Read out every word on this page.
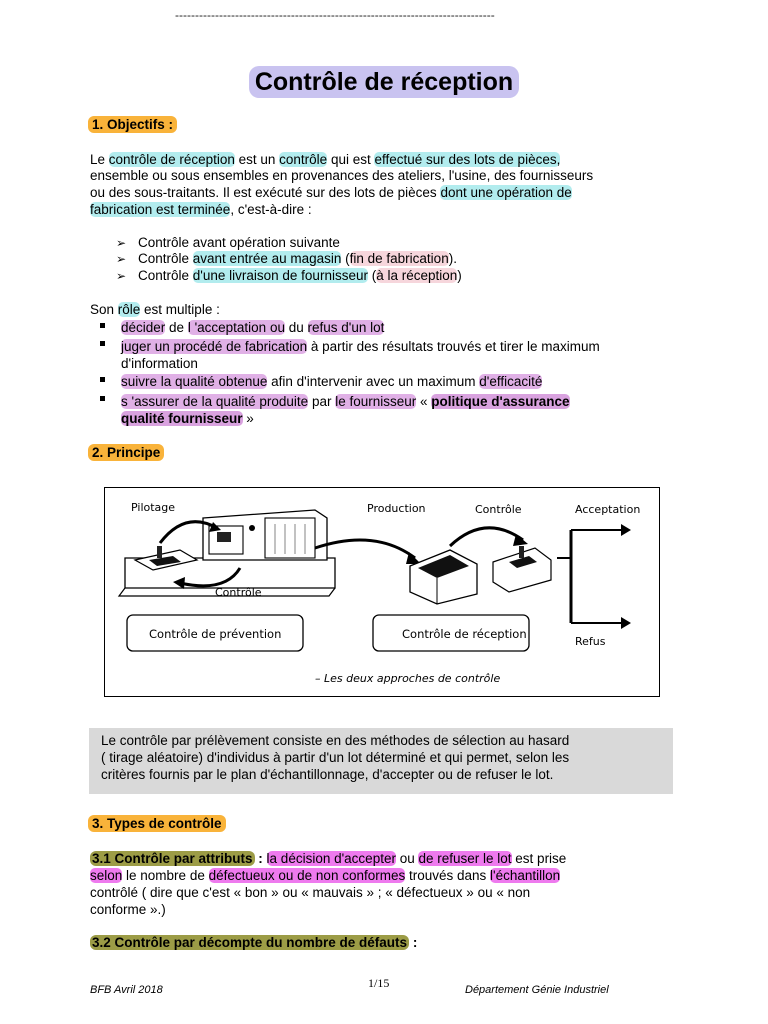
--------------------------------------------------------------------------------
Contrôle de réception
1. Objectifs :
Le contrôle de réception est un contrôle qui est effectué sur des lots de pièces,
ensemble ou sous ensembles en provenances des ateliers, l'usine, des fournisseurs
ou des sous-traitants. Il est exécuté sur des lots de pièces dont une opération de
fabrication est terminée, c'est-à-dire :
➢ Contrôle avant opération suivante
➢ Contrôle avant entrée au magasin (fin de fabrication).
➢ Contrôle d'une livraison de fournisseur (à la réception)
Son rôle est multiple :
décider de l 'acceptation ou du refus d'un lot
juger un procédé de fabrication à partir des résultats trouvés et tirer le maximum
d'information
suivre la qualité obtenue afin d'intervenir avec un maximum d'efficacité
s 'assurer de la qualité produite par le fournisseur « politique d'assurance
qualité fournisseur »
2. Principe
Pilotage	Production	Contrôle	Acceptation
Contrôle
Refus
Contrôle de prévention	Contrôle de réception
– Les deux approches de contrôle
Le contrôle par prélèvement consiste en des méthodes de sélection au hasard
( tirage aléatoire) d'individus à partir d'un lot déterminé et qui permet, selon les
critères fournis par le plan d'échantillonnage, d'accepter ou de refuser le lot.
3. Types de contrôle
3.1 Contrôle par attributs : la décision d'accepter ou de refuser le lot est prise
selon le nombre de défectueux ou de non conformes trouvés dans l'échantillon
contrôlé ( dire que c'est « bon » ou « mauvais » ; « défectueux » ou « non
conforme ».)
3.2 Contrôle par décompte du nombre de défauts :
BFB Avril 2018	1/15	Département Génie Industriel
